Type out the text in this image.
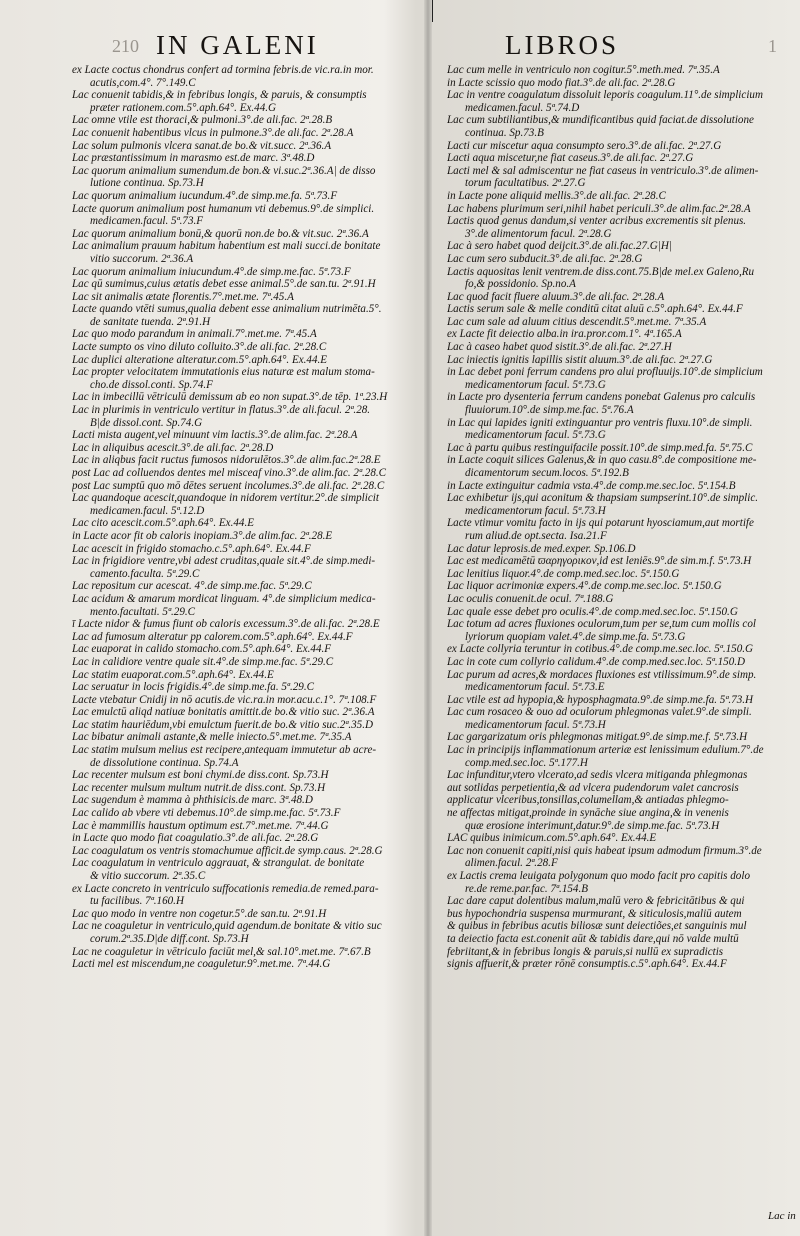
210 IN GALENI	LIBROS	1
ex Lacte coctus chondrus confert ad tormina febris.de vic.ra.in mor.
acutis,com.4°. 7°.149.C
Lac conuenit tabidis,& in febribus longis, & paruis, & consumptis
præter rationem.com.5°.aph.64°. Ex.44.G
Lac omne vtile est thoraci,& pulmoni.3°.de ali.fac. 2ª.28.B
Lac conuenit habentibus vlcus in pulmone.3°.de ali.fac. 2ª.28.A
Lac solum pulmonis vlcera sanat.de bo.& vit.succ. 2ª.36.A
Lac præstantissimum in marasmo est.de marc. 3ª.48.D
Lac quorum animalium sumendum.de bon.& vi.suc.2ª.36.A| de disso
lutione continua. Sp.73.H
Lac quorum animalium iucundum.4°.de simp.me.fa. 5ª.73.F
Lacte quorum animalium post humanum vti debemus.9°.de simplici.
medicamen.facul. 5ª.73.F
Lac quorum animalium bonū,& quorū non.de bo.& vit.suc. 2ª.36.A
Lac animalium prauum habitum habentium est mali succi.de bonitate
vitio succorum. 2ª.36.A
Lac quorum animalium iniucundum.4°.de simp.me.fac. 5ª.73.F
Lac qū sumimus,cuius ætatis debet esse animal.5°.de san.tu. 2ª.91.H
Lac sit animalis ætate florentis.7°.met.me. 7ª.45.A
Lacte quando vtēti sumus,qualia debent esse animalium nutrimēta.5°.
de sanitate tuenda. 2ª.91.H
Lac quo modo parandum in animali.7°.met.me. 7ª.45.A
Lacte sumpto os vino diluto colluito.3°.de ali.fac. 2ª.28.C
Lac duplici alteratione alteratur.com.5°.aph.64°. Ex.44.E
Lac propter velocitatem immutationis eius naturæ est malum stoma-
cho.de dissol.conti. Sp.74.F
Lac in imbecillū vētriculū demissum ab eo non supat.3°.de tēp. 1ª.23.H
Lac in plurimis in ventriculo vertitur in flatus.3°.de ali.facul. 2ª.28.
B|de dissol.cont. Sp.74.G
Lacti mista augent,vel minuunt vim lactis.3°.de alim.fac. 2ª.28.A
Lac in aliquibus acescit.3°.de ali.fac. 2ª.28.D
Lac in aliqbus facit ructus fumosos nidorulētos.3°.de alim.fac.2ª.28.E
post Lac ad colluendos dentes mel misceaf vino.3°.de alim.fac. 2ª.28.C
post Lac sumptū quo mō dētes seruent incolumes.3°.de ali.fac. 2ª.28.C
Lac quandoque acescit,quandoque in nidorem vertitur.2°.de simplicit
medicamen.facul. 5ª.12.D
Lac cito acescit.com.5°.aph.64°. Ex.44.E
in Lacte acor fit ob caloris inopiam.3°.de alim.fac. 2ª.28.E
Lac acescit in frigido stomacho.c.5°.aph.64°. Ex.44.F
Lac in frigidiore ventre,vbi adest cruditas,quale sit.4°.de simp.medi-
camento.faculta. 5ª.29.C
Lac repositum cur acescat. 4°.de simp.me.fac. 5ª.29.C
Lac acidum & amarum mordicat linguam. 4°.de simplicium medica-
mento.facultati. 5ª.29.C
ī Lacte nidor & fumus fiunt ob caloris excessum.3°.de ali.fac. 2ª.28.E
Lac ad fumosum alteratur pp calorem.com.5°.aph.64°. Ex.44.F
Lac euaporat in calido stomacho.com.5°.aph.64°. Ex.44.F
Lac in calidiore ventre quale sit.4°.de simp.me.fac. 5ª.29.C
Lac statim euaporat.com.5°.aph.64°. Ex.44.E
Lac seruatur in locis frigidis.4°.de simp.me.fa. 5ª.29.C
Lacte vtebatur Cnidij in nō acutis.de vic.ra.in mor.acu.c.1°. 7ª.108.F
Lac emulctū aliqd natiuæ bonitatis amittit.de bo.& vitio suc. 2ª.36.A
Lac statim hauriēdum,vbi emulctum fuerit.de bo.& vitio suc.2ª.35.D
Lac bibatur animali astante,& melle iniecto.5°.met.me. 7ª.35.A
Lac statim mulsum melius est recipere,antequam immutetur ab acre-
de dissolutione continua. Sp.74.A
Lac recenter mulsum est boni chymi.de diss.cont. Sp.73.H
Lac recenter mulsum multum nutrit.de diss.cont. Sp.73.H
Lac sugendum è mamma à phthisicis.de marc. 3ª.48.D
Lac calido ab vbere vti debemus.10°.de simp.me.fac. 5ª.73.F
Lac è mammillis haustum optimum est.7°.met.me. 7ª.44.G
in Lacte quo modo fiat coagulatio.3°.de ali.fac. 2ª.28.G
Lac coagulatum os ventris stomachumue afficit.de symp.caus. 2ª.28.G
Lac coagulatum in ventriculo aggrauat, & strangulat. de bonitate
& vitio succorum. 2ª.35.C
ex Lacte concreto in ventriculo suffocationis remedia.de remed.para-
tu facilibus. 7ª.160.H
Lac quo modo in ventre non cogetur.5°.de san.tu. 2ª.91.H
Lac ne coaguletur in ventriculo,quid agendum.de bonitate & vitio suc
corum.2ª.35.D|de diff.cont. Sp.73.H
Lac ne coaguletur in vētriculo faciūt mel,& sal.10°.met.me. 7ª.67.B
Lacti mel est miscendum,ne coaguletur.9°.met.me. 7ª.44.G
Lac cum melle in ventriculo non cogitur.5°.meth.med. 7ª.35.A
in Lacte scissio quo modo fiat.3°.de ali.fac. 2ª.28.G
Lac in ventre coagulatum dissoluit leporis coagulum.11°.de simplicium
medicamen.facul. 5ª.74.D
Lac cum subtiliantibus,& mundificantibus quid faciat.de dissolutione
continua. Sp.73.B
Lacti cur miscetur aqua consumpto sero.3°.de ali.fac. 2ª.27.G
Lacti aqua miscetur,ne fiat caseus.3°.de ali.fac. 2ª.27.G
Lacti mel & sal admiscentur ne fiat caseus in ventriculo.3°.de alimen-
torum facultatibus. 2ª.27.G
in Lacte pone aliquid mellis.3°.de ali.fac. 2ª.28.C
Lac habens plurimum seri,nihil habet periculi.3°.de alim.fac.2ª.28.A
Lactis quod genus dandum,si venter acribus excrementis sit plenus.
3°.de alimentorum facul. 2ª.28.G
Lac à sero habet quod deijcit.3°.de ali.fac.27.G|H|
Lac cum sero subducit.3°.de ali.fac. 2ª.28.G
Lactis aquositas lenit ventrem.de diss.cont.75.B|de mel.ex Galeno,Ru
fo,& possidonio. Sp.no.A
Lac quod facit fluere aluum.3°.de ali.fac. 2ª.28.A
Lactis serum sale & melle conditū citat aluū c.5°.aph.64°. Ex.44.F
Lac cum sale ad aluum citius descendit.5°.met.me. 7ª.35.A
ex Lacte fit deiectio alba.in ira.pror.com.1°. 4ª.165.A
Lac à caseo habet quod sistit.3°.de ali.fac. 2ª.27.H
Lac iniectis ignitis lapillis sistit aluum.3°.de ali.fac. 2ª.27.G
in Lac debet poni ferrum candens pro alui profluuijs.10°.de simplicium
medicamentorum facul. 5ª.73.G
in Lacte pro dysenteria ferrum candens ponebat Galenus pro calculis
fluuiorum.10°.de simp.me.fac. 5ª.76.A
in Lac qui lapides igniti extinguantur pro ventris fluxu.10°.de simpli.
medicamentorum facul. 5ª.73.G
Lac à partu quibus restinguifacile possit.10°.de simp.med.fa. 5ª.75.C
in Lacte coquit silices Galenus,& in quo casu.8°.de compositione me-
dicamentorum secum.locos. 5ª.192.B
in Lacte extinguitur cadmia vsta.4°.de comp.me.sec.loc. 5ª.154.B
Lac exhibetur ijs,qui aconitum & thapsiam sumpserint.10°.de simplic.
medicamentorum facul. 5ª.73.H
Lacte vtimur vomitu facto in ijs qui potarunt hyosciamum,aut mortife
rum aliud.de opt.secta. Isa.21.F
Lac datur leprosis.de med.exper. Sp.106.D
Lac est medicamētū ϖαρηγορικον,id est leniēs.9°.de sim.m.f. 5ª.73.H
Lac lenitius liquor.4°.de comp.med.sec.loc. 5ª.150.G
Lac liquor acrimoniæ expers.4°.de comp.me.sec.loc. 5ª.150.G
Lac oculis conuenit.de ocul. 7ª.188.G
Lac quale esse debet pro oculis.4°.de comp.med.sec.loc. 5ª.150.G
Lac totum ad acres fluxiones oculorum,tum per se,tum cum mollis col
lyriorum quopiam valet.4°.de simp.me.fa. 5ª.73.G
ex Lacte collyria teruntur in cotibus.4°.de comp.me.sec.loc. 5ª.150.G
Lac in cote cum collyrio calidum.4°.de comp.med.sec.loc. 5ª.150.D
Lac purum ad acres,& mordaces fluxiones est vtilissimum.9°.de simp.
medicamentorum facul. 5ª.73.E
Lac vtile est ad hypopia,& hyposphagmata.9°.de simp.me.fa. 5ª.73.H
Lac cum rosaceo & ouo ad oculorum phlegmonas valet.9°.de simpli.
medicamentorum facul. 5ª.73.H
Lac gargarizatum oris phlegmonas mitigat.9°.de simp.me.f. 5ª.73.H
Lac in principijs inflammationum arteriæ est lenissimum edulium.7°.de
comp.med.sec.loc. 5ª.177.H
Lac infunditur,vtero vlcerato,ad sedis vlcera mitiganda phlegmonas
aut sotlidas perpetientia,& ad vlcera pudendorum valet cancrosis
applicatur vlceribus,tonsillas,columellam,& antiadas phlegmo-
ne affectas mitigat,proinde in synāche siue angina,& in venenis
quæ erosione interimunt,datur.9°.de simp.me.fac. 5ª.73.H
LAC quibus inimicum.com.5°.aph.64°. Ex.44.E
Lac non conuenit capiti,nisi quis habeat ipsum admodum firmum.3°.de
alimen.facul. 2ª.28.F
ex Lactis crema leuigata polygonum quo modo facit pro capitis dolo
re.de reme.par.fac. 7ª.154.B
Lac dare caput dolentibus malum,malū vero & febricitātibus & qui
bus hypochondria suspensa murmurant, & siticulosis,maliū autem
& quibus in febribus acutis biliosæ sunt deiectiões,et sanguinis mul
ta deiectio facta est.conenit aūt & tabidis dare,qui nō valde multū
febriitant,& in febribus longis & paruis,si nullū ex supradictis
signis affuerit,& præter rōnē consumptis.c.5°.aph.64°. Ex.44.F
Lac in
